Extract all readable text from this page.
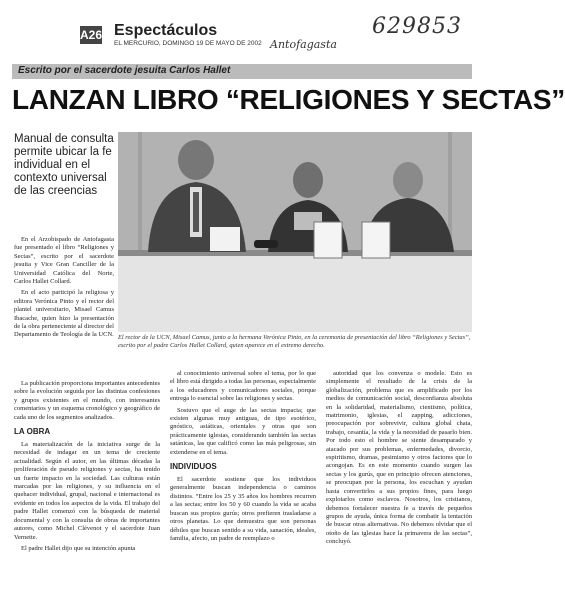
629853
Antofagasta
A26 Espectáculos
EL MERCURIO, DOMINGO 19 DE MAYO DE 2002
Escrito por el sacerdote jesuita Carlos Hallet
LANZAN LIBRO “RELIGIONES Y SECTAS”
Manual de consulta permite ubicar la fe individual en el contexto universal de las creencias
El rector de la UCN, Misael Camus, junto a la hermana Verónica Pinto, en la ceremonia de presentación del libro “Religiones y Sectas”, escrito por el padre Carlos Hallet Collard, quien aparece en el extremo derecho.

En el Arzobispado de Antofagasta fue presentado el libro “Religiones y Sectas”, escrito por el sacerdote jesuita y Vice Gran Canciller de la Universidad Católica del Norte, Carlos Hallet Collard.

En el acto participó la religiosa y editora Verónica Pinto y el rector del plantel universitario, Misael Camus Ibacache, quien hizo la presentación de la obra perteneciente al director del Departamento de Teología de la UCN.

La publicación proporciona importantes antecedentes sobre la evolución seguida por las distintas confesiones y grupos existentes en el mundo, con interesantes comentarios y un esquema cronológico y geográfico de cada uno de los segmentos analizados.

LA OBRA

La materialización de la iniciativa surge de la necesidad de indagar en un tema de creciente actualidad. Según el autor, en las últimas décadas la proliferación de pseudo religiones y sectas, ha tenido un fuerte impacto en la sociedad. Las culturas están marcadas por las religiones, y su influencia en el quehacer individual, grupal, nacional e internacional es evidente en todos los aspectos de la vida. El trabajo del padre Hallet comenzó con la búsqueda de material documental y con la consulta de obras de importantes autores, como Michel Clévenot y el sacerdote Juan Vernette.

El padre Hallet dijo que su intención apunta

al conocimiento universal sobre el tema, por lo que el libro está dirigido a todas las personas, especialmente a los educadores y comunicadores sociales, porque entrega lo esencial sobre las religiones y sectas.

Sostuvo que el auge de las sectas impacta; que existen algunas muy antiguas, de tipo esotérico, gnóstico, asiáticas, orientales y otras que son prácticamente iglesias, considerando también las sectas satánicas, las que calificó como las más peligrosas, sin extenderse en el tema.

INDIVIDUOS

El sacerdote sostiene que los individuos generalmente buscan independencia o caminos distintos. “Entre los 25 y 35 años los hombres recurren a las sectas; entre los 50 y 60 cuando la vida se acaba buscan sus propios gurús; otros prefieren trasladarse a otros planetas. Lo que demuestra que son personas débiles que buscan sentido a su vida, sanación, ideales, familia, afecto, un padre de reemplazo o

autoridad que los convenza o modele. Esto es simplemente el resultado de la crisis de la globalización, problema que es amplificado por los medios de comunicación social, desconfianza absoluta en la solidaridad, materialismo, cientismo, política, matrimonio, iglesias, el zapping, adicciones, preocupación por sobrevivir, cultura global chata, trabajo, cesantía, la vida y la necesidad de pasarlo bien. Por todo esto el hombre se siente desamparado y atacado por sus problemas, enfermedades, divorcio, espiritismo, dramas, pesimismo y otros factores que lo acongojan. Es en este momento cuando surgen las sectas y los gurús, que en principio ofrecen atenciones, se preocupan por la persona, los escuchan y ayudan hasta convertirlos a sus propios fines, para luego explotarlos como esclavos. Nosotros, los cristianos, debemos fortalecer nuestra fe a través de pequeños grupos de ayuda, única forma de combatir la tentación de buscar otras alternativas. No debemos olvidar que el otoño de las iglesias hace la primavera de las sectas”, concluyó.
